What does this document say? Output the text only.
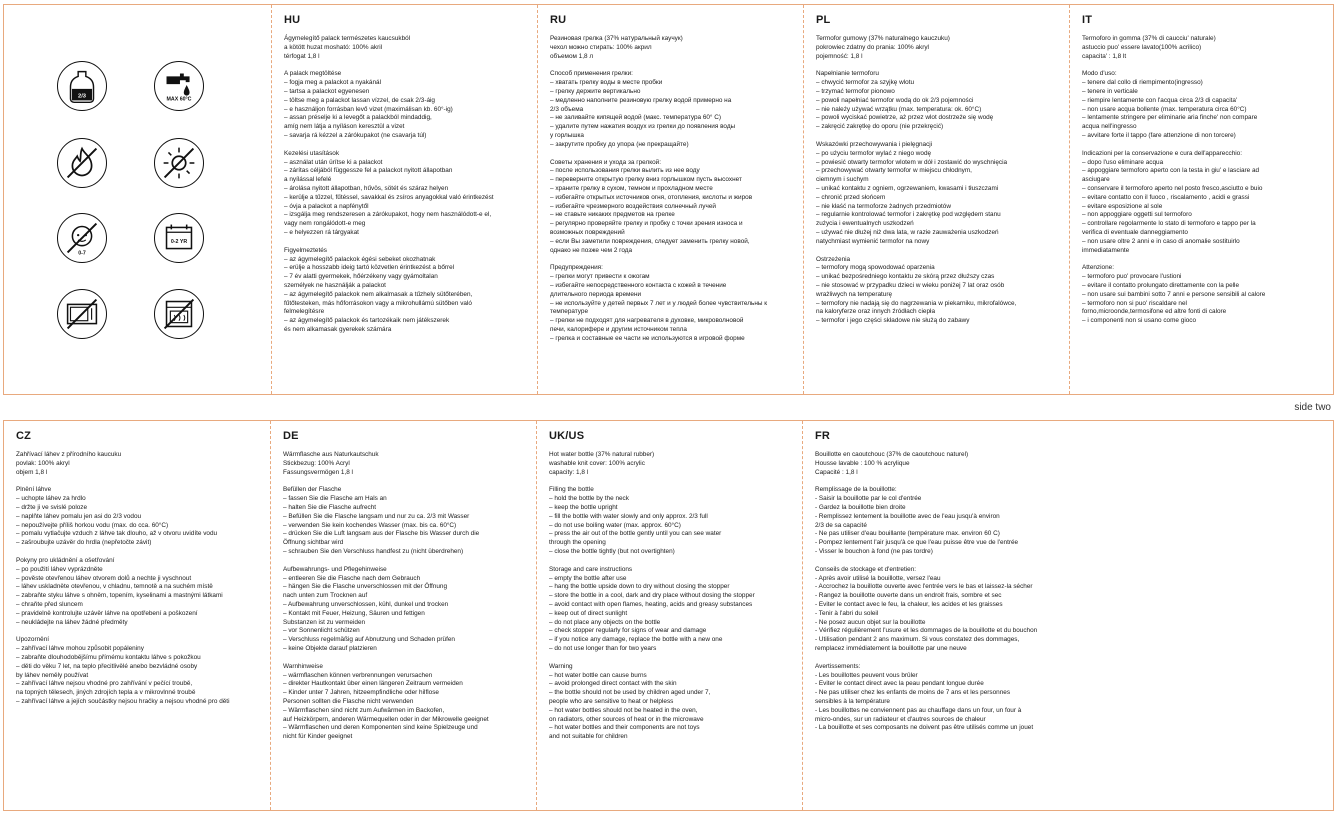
2/3	MAX 60°C
0-7
0-2 YR
HU
Ágymelegítő palack természetes kaucsukból
a kötött huzat mosható: 100% akril
térfogat 1,8 l
A palack megtöltése
– fogja meg a palackot a nyakánál
– tartsa a palackot egyenesen
– töltse meg a palackot lassan vízzel, de csak 2/3-áig
– e használjon forrásban levő vizet (maximálisan kb. 60°-ig)
– assan préselje ki a levegőt a palackból mindaddig,
amíg nem látja a nyíláson keresztül a vizet
– savarja rá kézzel a zárókupakot (ne csavarja túl)
Kezelési utasítások
– asználat után ürítse ki a palackot
– zárítas céljából függessze fel a palackot nyitott állapotban
a nyílással lefelé
– árolása nyitott állapotban, hűvös, sötét és száraz helyen
– kerülje a tűzzel, fűtéssel, savakkal és zsíros anyagokkal való érintkezést
– óvja a palackot a napfénytől
– izsgálja meg rendszeresen a zárókupakot, hogy nem használódott-e el,
vagy nem rongálódott-e meg
– e helyezzen rá tárgyakat
Figyelmeztetés
– az ágymelegítő palackok égési sebeket okozhatnak
– erülje a hosszabb ideig tartó közvetlen érintkezést a bőrrel
– 7 év alatti gyermekek, hőérzékeny vagy gyámoltalan
személyek ne használják a palackot
– az ágymelegítő palackok nem alkalmasak a tűzhely sütőterében,
fűtőtesteken, más hőforrásokon vagy a mikrohullámú sütőben való
felmelegítésre
– az ágymelegítő palackok és tartozékaik nem játékszerek
és nem alkamasak gyerekek számára
RU
Резиновая грелка (37% натуральный каучук)
чехол можно стирать: 100% акрил
объемом 1,8 л
Способ применения грелки:
– хватать грелку воды в месте пробки
– грелку держите вертикально
– медленно наполните резиновую грелку водой примерно на
2/3 объема
– не заливайте кипящей водой (макс. температура 60° C)
– удалите путем нажатия воздух из грелки до появления воды
у горлышка
– закрутите пробку до упора (не прекращайте)
Советы хранения и ухода за грелкой:
– после использования грелки вылить из нее воду
– переверните открытую грелку вниз горлышком пусть высохнет
– храните грелку в сухом, темном и прохладном месте
– избегайте открытых источников огня, отопления, кислоты и жиров
– избегайте чрезмерного воздействия солнечный лучей
– не ставьте никаких предметов на грелке
– регулярно проверяйте грелку и пробку с точки зрения износа и
возможных повреждений
– если Вы заметили повреждения, следует заменить грелку новой,
однако не позже чем 2 года
Предупреждения:
– грелки могут привести к ожогам
– избегайте непосредственного контакта с кожей в течение
длительного периода времени
– не используйте у детей первых 7 лет и у людей более чувствительны к
температуре
– грелки не подходят для нагревателя в духовке, микроволновой
печи, калориферe и другим источником тепла
– грелка и составные ее части не используются в игровой форме
PL
Termofor gumowy (37% naturalnego kauczuku)
pokrowiec zdatny do prania: 100% akryl
pojemność: 1,8 l
Napełnianie termoforu
– chwycić termofor za szyjkę wlotu
– trzymać termofor pionowo
– powoli napełniać termofor wodą do ok 2/3 pojemności
– nie należy używać wrzątku (max. temperatura: ok. 60°C)
– powoli wyciskać powietrze, aż przez wlot dostrzeże się wodę
– zakręcić zakrętkę do oporu (nie przekręcić)
Wskazówki przechowywania i pielęgnacji
– po użyciu termofor wylać z niego wodę
– powiesić otwarty termofor wlotem w dół i zostawić do wyschnięcia
– przechowywać otwarty termofor w miejscu chłodnym,
ciemnym i suchym
– unikać kontaktu z ogniem, ogrzewaniem, kwasami i tłuszczami
– chronić przed słońcem
– nie kłaść na termoforze żadnych przedmiotów
– regularnie kontrolować termofor i zakrętkę pod względem stanu
zużycia i ewentualnych uszkodzeń
– używać nie dłużej niż dwa lata, w razie zauważenia uszkodzeń
natychmiast wymienić termofor na nowy
Ostrzeżenia
– termofory mogą spowodować oparzenia
– unikać bezpośredniego kontaktu ze skórą przez dłuższy czas
– nie stosować w przypadku dzieci w wieku poniżej 7 lat oraz osób
wrażliwych na temperaturę
– termofory nie nadają się do nagrzewania w piekarniku, mikrofalówce,
na kaloryferze oraz innych źródłach ciepła
– termofor i jego części składowe nie służą do zabawy
IT
Termoforo in gomma (37% di caucciu' naturale)
astuccio puo' essere lavato(100% acrilico)
capacita' : 1,8 lt
Modo d'uso:
– tenere dal collo di riempimento(ingresso)
– tenere in verticale
– riempire lentamente con l'acqua circa 2/3 di capacita'
– non usare acqua bollente (max. temperatura circa 60°C)
– lentamente stringere per eliminarie aria finche' non compare
acqua nell'ingresso
– avvitare forte il tappo (fare attenzione di non torcere)
Indicazioni per la conservazione e cura dell'apparecchio:
– dopo l'uso eliminare acqua
– appoggiare termoforo aperto con la testa in giu' e lasciare ad
asciugare
– conservare il termoforo aperto nel posto fresco,asciutto e buio
– evitare contatto con il fuoco , riscalamento , acidi e grassi
– evitare esposizione al sole
– non appoggiare oggetti sul termoforo
– controllare regolarmente lo stato di termoforo e tappo per la
verifica di eventuale danneggiamento
– non usare oltre 2 anni e in caso di anomalie sostituirlo
immediatamente
Attenzione:
– termoforo puo' provocare l'ustioni
– evitare il contatto prolungato direttamente con la pelle
– non usare sui bambini sotto 7 anni e persone sensibili al calore
– termoforo non si puo' riscaldare nel
forno,microonde,termosifone ed altre fonti di calore
– i componenti non si usano come gioco
side two
CZ
Zahřívací láhev z přírodního kaucuku
povlak: 100% akryl
objem 1,8 l
Plnění láhve
– uchopte láhev za hrdlo
– držte ji ve svislé poloze
– naplňte láhev pomalu jen asi do 2/3 vodou
– nepoužívejte příliš horkou vodu (max. do cca. 60°C)
– pomalu vytlačujte vzduch z láhve tak dlouho, až v otvoru uvidíte vodu
– zašroubujte uzávěr do hrdla (nepřetočte závit)
Pokyny pro ukládnění a ošetřování
– po použití láhev vyprázdněte
– pověste otevřenou láhev otvorem dolů a nechte ji vyschnout
– láhev uskladněte otevřenou, v chladnu, temnotě a na suchém místě
– zabraňte styku láhve s ohněm, topením, kyselinami a mastnými látkami
– chraňte před sluncem
– pravidelně kontrolujte uzávěr láhve na opotřebení a poškození
– neukládejte na láhev žádné předměty
Upozornění
– zahřívací láhve mohou způsobit popáleniny
– zabraňte dlouhodobějšímu přímému kontaktu láhve s pokožkou
– děti do věku 7 let, na teplo přecitlivělé anebo bezvládné osoby
by láhev neměly používat
– zahřívací láhve nejsou vhodné pro zahřívání v pečící troubě,
na topných tělesech, jiných zdrojích tepla a v mikrovlnné troubě
– zahřívací láhve a jejích součástky nejsou hračky a nejsou vhodné pro děti
DE
Wärmflasche aus Naturkautschuk
Stickbezug: 100% Acryl
Fassungsvermögen 1,8 l
Befüllen der Flasche
– fassen Sie die Flasche am Hals an
– halten Sie die Flasche aufrecht
– Befüllen Sie die Flasche langsam und nur zu ca. 2/3 mit Wasser
– verwenden Sie kein kochendes Wasser (max. bis ca. 60°C)
– drücken Sie die Luft langsam aus der Flasche bis Wasser durch die
Öffnung sichtbar wird
– schrauben Sie den Verschluss handfest zu (nicht überdrehen)
Aufbewahrungs- und Pflegehinweise
– entleeren Sie die Flasche nach dem Gebrauch
– hängen Sie die Flasche unverschlossen mit der Öffnung
nach unten zum Trocknen auf
– Aufbewahrung unverschlossen, kühl, dunkel und trocken
– Kontakt mit Feuer, Heizung, Säuren und fettigen
Substanzen ist zu vermeiden
– vor Sonnenlicht schützen
– Verschluss regelmäßig auf Abnutzung und Schaden prüfen
– keine Objekte darauf platzieren
Warnhinweise
– wärmflaschen können verbrennungen verursachen
– direkter Hautkontakt über einen längeren Zeitraum vermeiden
– Kinder unter 7 Jahren, hitzeempfindliche oder hilflose
Personen sollten die Flasche nicht verwenden
– Wärmflaschen sind nicht zum Aufwärmen im Backofen,
auf Heizkörpern, anderen Wärmequellen oder in der Mikrowelle geeignet
– Wärmflaschen und deren Komponenten sind keine Spielzeuge und
nicht für Kinder geeignet
UK/US
Hot water bottle (37% natural rubber)
washable knit cover: 100% acrylic
capacity: 1,8 l
Filling the bottle
– hold the bottle by the neck
– keep the bottle upright
– fill the bottle with water slowly and only approx. 2/3 full
– do not use boiling water (max. approx. 60°C)
– press the air out of the bottle gently until you can see water
through the opening
– close the bottle tightly (but not overtighten)
Storage and care instructions
– empty the bottle after use
– hang the bottle upside down to dry without closing the stopper
– store the bottle in a cool, dark and dry place without dosing the stopper
– avoid contact with open flames, heating, acids and greasy substances
– keep out of direct sunlight
– do not place any objects on the bottle
– check stopper regularly for signs of wear and damage
– if you notice any damage, replace the bottle with a new one
– do not use longer than for two years
Warning
– hot water bottle can cause burns
– avoid prolonged direct contact with the skin
– the bottle should not be used by children aged under 7,
people who are sensitive to heat or helpless
– hot water bottles should not be heated in the oven,
on radiators, other sources of heat or in the microwave
– hot water bottles and their components are not toys
and not suitable for children
FR
Bouillotte en caoutchouc (37% de caoutchouc naturel)
Housse lavable : 100 % acrylique
Capacité : 1,8 l
Remplissage de la bouillotte:
- Saisir la bouillotte par le col d'entrée
- Gardez la bouillotte bien droite
- Remplissez lentement la bouillotte avec de l'eau jusqu'à environ
2/3 de sa capacité
- Ne pas utiliser d'eau bouillante (température max. environ 60 C)
- Pompez lentement l'air jusqu'à ce que l'eau puisse être vue de l'entrée
- Visser le bouchon à fond (ne pas tordre)
Conseils de stockage et d'entretien:
- Après avoir utilisé la bouillotte, versez l'eau
- Accrochez la bouillotte ouverte avec l'entrée vers le bas et laissez-la sécher
- Rangez la bouillotte ouverte dans un endroit frais, sombre et sec
- Eviter le contact avec le feu, la chaleur, les acides et les graisses
- Tenir à l'abri du soleil
- Ne posez aucun objet sur la bouillotte
- Vérifiez régulièrement l'usure et les dommages de la bouillotte et du bouchon
- Utilisation pendant 2 ans maximum. Si vous constatez des dommages,
remplacez immédiatement la bouillotte par une neuve
Avertissements:
- Les bouillottes peuvent vous brûler
- Eviter le contact direct avec la peau pendant longue durée
- Ne pas utiliser chez les enfants de moins de 7 ans et les personnes
sensibles à la température
- Les bouillottes ne conviennent pas au chauffage dans un four, un four à
micro-ondes, sur un radiateur et d'autres sources de chaleur
- La bouillotte et ses composants ne doivent pas être utilisés comme un jouet
